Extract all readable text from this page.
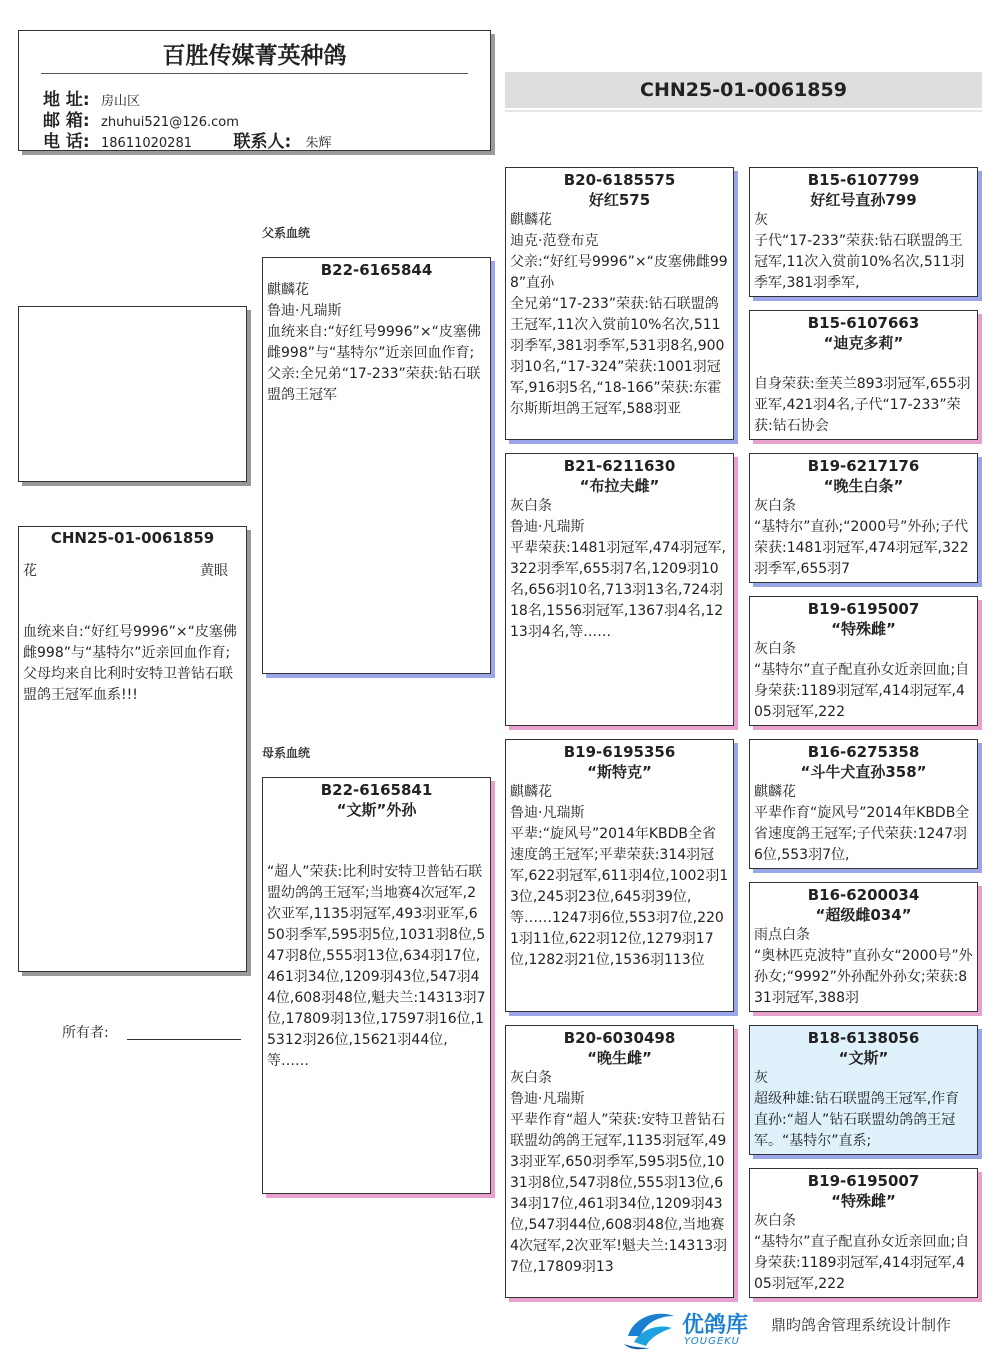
百胜传媒菁英种鸽
地 址: 房山区
邮 箱: zhuhui521@126.com
电 话: 18611020281 联系人: 朱辉
CHN25-01-0061859
CHN25-01-0061859
花	黄眼
血统来自:“好红号9996”×“皮塞佛雌998”与“基特尔”近亲回血作育;
父母均来自比利时安特卫普钻石联盟鸽王冠军血系!!!
父系血统
母系血统
B22-6165844
麒麟花
鲁迪·凡瑞斯
血统来自:“好红号9996”×“皮塞佛雌998”与“基特尔”近亲回血作育;
父亲:全兄弟“17-233”荣获:钻石联盟鸽王冠军
B22-6165841
“文斯”外孙
“超人”荣获:比利时安特卫普钻石联盟幼鸽鸽王冠军;当地赛4次冠军,2次亚军,1135羽冠军,493羽亚军,650羽季军,595羽5位,1031羽8位,547羽8位,555羽13位,634羽17位,461羽34位,1209羽43位,547羽44位,608羽48位,魁夫兰:14313羽7位,17809羽13位,17597羽16位,15312羽26位,15621羽44位,等……
B20-6185575
好红575
麒麟花
迪克·范登布克
父亲:“好红号9996”×“皮塞佛雌998”直孙
全兄弟“17-233”荣获:钻石联盟鸽王冠军,11次入赏前10%名次,511羽季军,381羽季军,531羽8名,900羽10名,“17-324”荣获:1001羽冠军,916羽5名,“18-166”荣获:东霍尔斯斯坦鸽王冠军,588羽亚
B21-6211630
“布拉夫雌”
灰白条
鲁迪·凡瑞斯
平辈荣获:1481羽冠军,474羽冠军,322羽季军,655羽7名,1209羽10名,656羽10名,713羽13名,724羽18名,1556羽冠军,1367羽4名,1213羽4名,等……
B19-6195356
“斯特克”
麒麟花
鲁迪·凡瑞斯
平辈:“旋风号”2014年KBDB全省速度鸽王冠军;平辈荣获:314羽冠军,622羽冠军,611羽4位,1002羽13位,245羽23位,645羽39位,等……1247羽6位,553羽7位,2201羽11位,622羽12位,1279羽17位,1282羽21位,1536羽113位
B20-6030498
“晚生雌”
灰白条
鲁迪·凡瑞斯
平辈作育“超人”荣获:安特卫普钻石联盟幼鸽鸽王冠军,1135羽冠军,493羽亚军,650羽季军,595羽5位,1031羽8位,547羽8位,555羽13位,634羽17位,461羽34位,1209羽43位,547羽44位,608羽48位,当地赛4次冠军,2次亚军!魁夫兰:14313羽7位,17809羽13
B15-6107799
好红号直孙799
灰
子代“17-233”荣获:钻石联盟鸽王冠军,11次入赏前10%名次,511羽季军,381羽季军,
B15-6107663
“迪克多莉”
自身荣获:奎芙兰893羽冠军,655羽亚军,421羽4名,子代“17-233”荣获:钻石协会
B19-6217176
“晚生白条”
灰白条
“基特尔”直孙;“2000号”外孙;子代荣获:1481羽冠军,474羽冠军,322羽季军,655羽7
B19-6195007
“特殊雌”
灰白条
“基特尔”直子配直孙女近亲回血;自身荣获:1189羽冠军,414羽冠军,405羽冠军,222
B16-6275358
“斗牛犬直孙358”
麒麟花
平辈作育“旋风号”2014年KBDB全省速度鸽王冠军;子代荣获:1247羽6位,553羽7位,
B16-6200034
“超级雌034”
雨点白条
“奥林匹克波特”直孙女“2000号”外孙女;“9992”外孙配外孙女;荣获:831羽冠军,388羽
B18-6138056
“文斯”
灰
超级种雄:钻石联盟鸽王冠军,作育直孙:“超人”钻石联盟幼鸽鸽王冠军。“基特尔”直系;
B19-6195007
“特殊雌”
灰白条
“基特尔”直子配直孙女近亲回血;自身荣获:1189羽冠军,414羽冠军,405羽冠军,222
所有者:
优鸽库
YOUGEKU
鼎昀鸽舍管理系统设计制作
